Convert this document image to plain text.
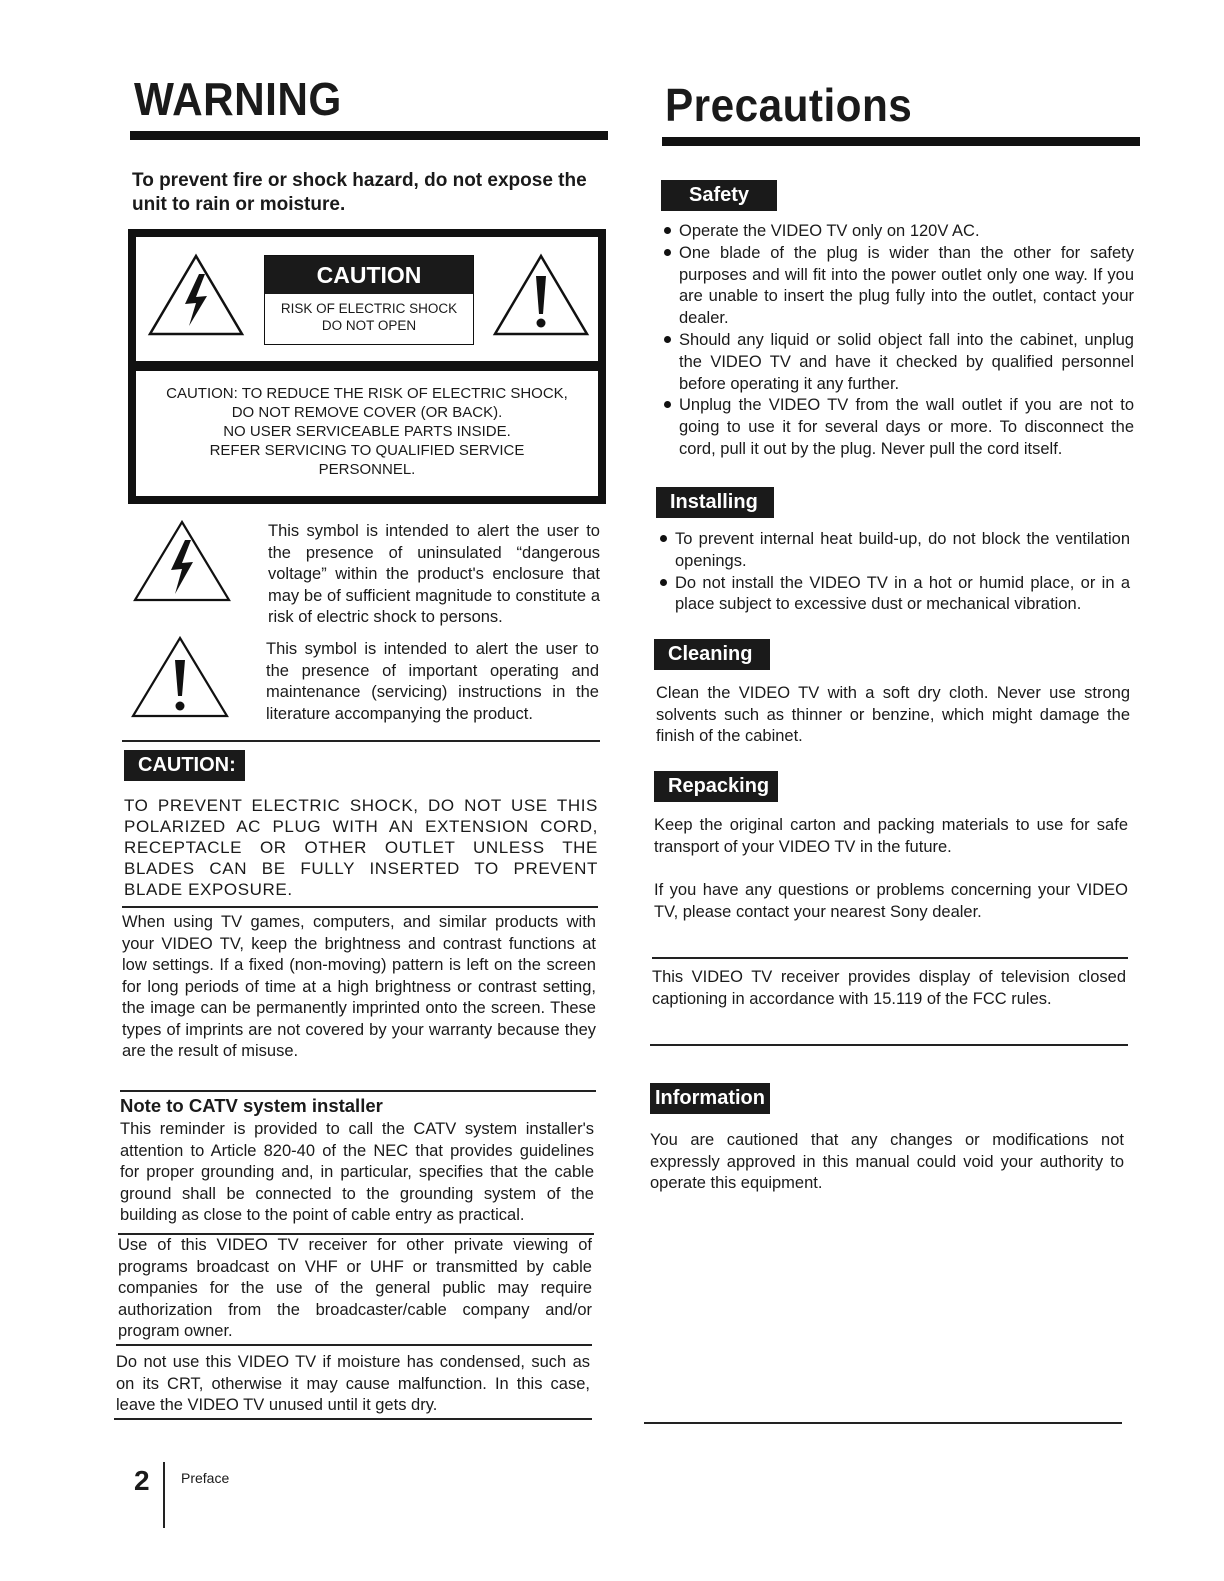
WARNING
To prevent fire or shock hazard, do not expose the unit to rain or moisture.
CAUTION
RISK OF ELECTRIC SHOCK
DO NOT OPEN
CAUTION: TO REDUCE THE RISK OF ELECTRIC SHOCK,
DO NOT REMOVE COVER (OR BACK).
NO USER SERVICEABLE PARTS INSIDE.
REFER SERVICING TO QUALIFIED SERVICE
PERSONNEL.
This symbol is intended to alert the user to the presence of uninsulated “dangerous voltage” within the product's enclosure that may be of sufficient magnitude to constitute a risk of electric shock to persons.
This symbol is intended to alert the user to the presence of important operating and maintenance (servicing) instructions in the literature accompanying the product.
CAUTION:
TO PREVENT ELECTRIC SHOCK, DO NOT USE THIS POLARIZED AC PLUG WITH AN EXTENSION CORD, RECEPTACLE OR OTHER OUTLET UNLESS THE BLADES CAN BE FULLY INSERTED TO PREVENT BLADE EXPOSURE.
When using TV games, computers, and similar products with your VIDEO TV, keep the brightness and contrast functions at low settings. If a fixed (non-moving) pattern is left on the screen for long periods of time at a high brightness or contrast setting, the image can be permanently imprinted onto the screen. These types of imprints are not covered by your warranty because they are the result of misuse.
Note to CATV system installer
This reminder is provided to call the CATV system installer's attention to Article 820-40 of the NEC that provides guidelines for proper grounding and, in particular, specifies that the cable ground shall be connected to the grounding system of the building as close to the point of cable entry as practical.
Use of this VIDEO TV receiver for other private viewing of programs broadcast on VHF or UHF or transmitted by cable companies for the use of the general public may require authorization from the broadcaster/cable company and/or program owner.
Do not use this VIDEO TV if moisture has condensed, such as on its CRT, otherwise it may cause malfunction. In this case, leave the VIDEO TV unused until it gets dry.
Precautions
Safety
Operate the VIDEO TV only on 120V AC.
One blade of the plug is wider than the other for safety purposes and will fit into the power outlet only one way. If you are unable to insert the plug fully into the outlet, contact your dealer.
Should any liquid or solid object fall into the cabinet, unplug the VIDEO TV and have it checked by qualified personnel before operating it any further.
Unplug the VIDEO TV from the wall outlet if you are not to going to use it for several days or more. To disconnect the cord, pull it out by the plug. Never pull the cord itself.
Installing
To prevent internal heat build-up, do not block the ventilation openings.
Do not install the VIDEO TV in a hot or humid place, or in a place subject to excessive dust or mechanical vibration.
Cleaning
Clean the VIDEO TV with a soft dry cloth. Never use strong solvents such as thinner or benzine, which might damage the finish of the cabinet.
Repacking
Keep the original carton and packing materials to use for safe transport of your VIDEO TV in the future.
If you have any questions or problems concerning your VIDEO TV, please contact your nearest Sony dealer.
This VIDEO TV receiver provides display of television closed captioning in accordance with 15.119 of the FCC rules.
Information
You are cautioned that any changes or modifications not expressly approved in this manual could void your authority to operate this equipment.
2 Preface
